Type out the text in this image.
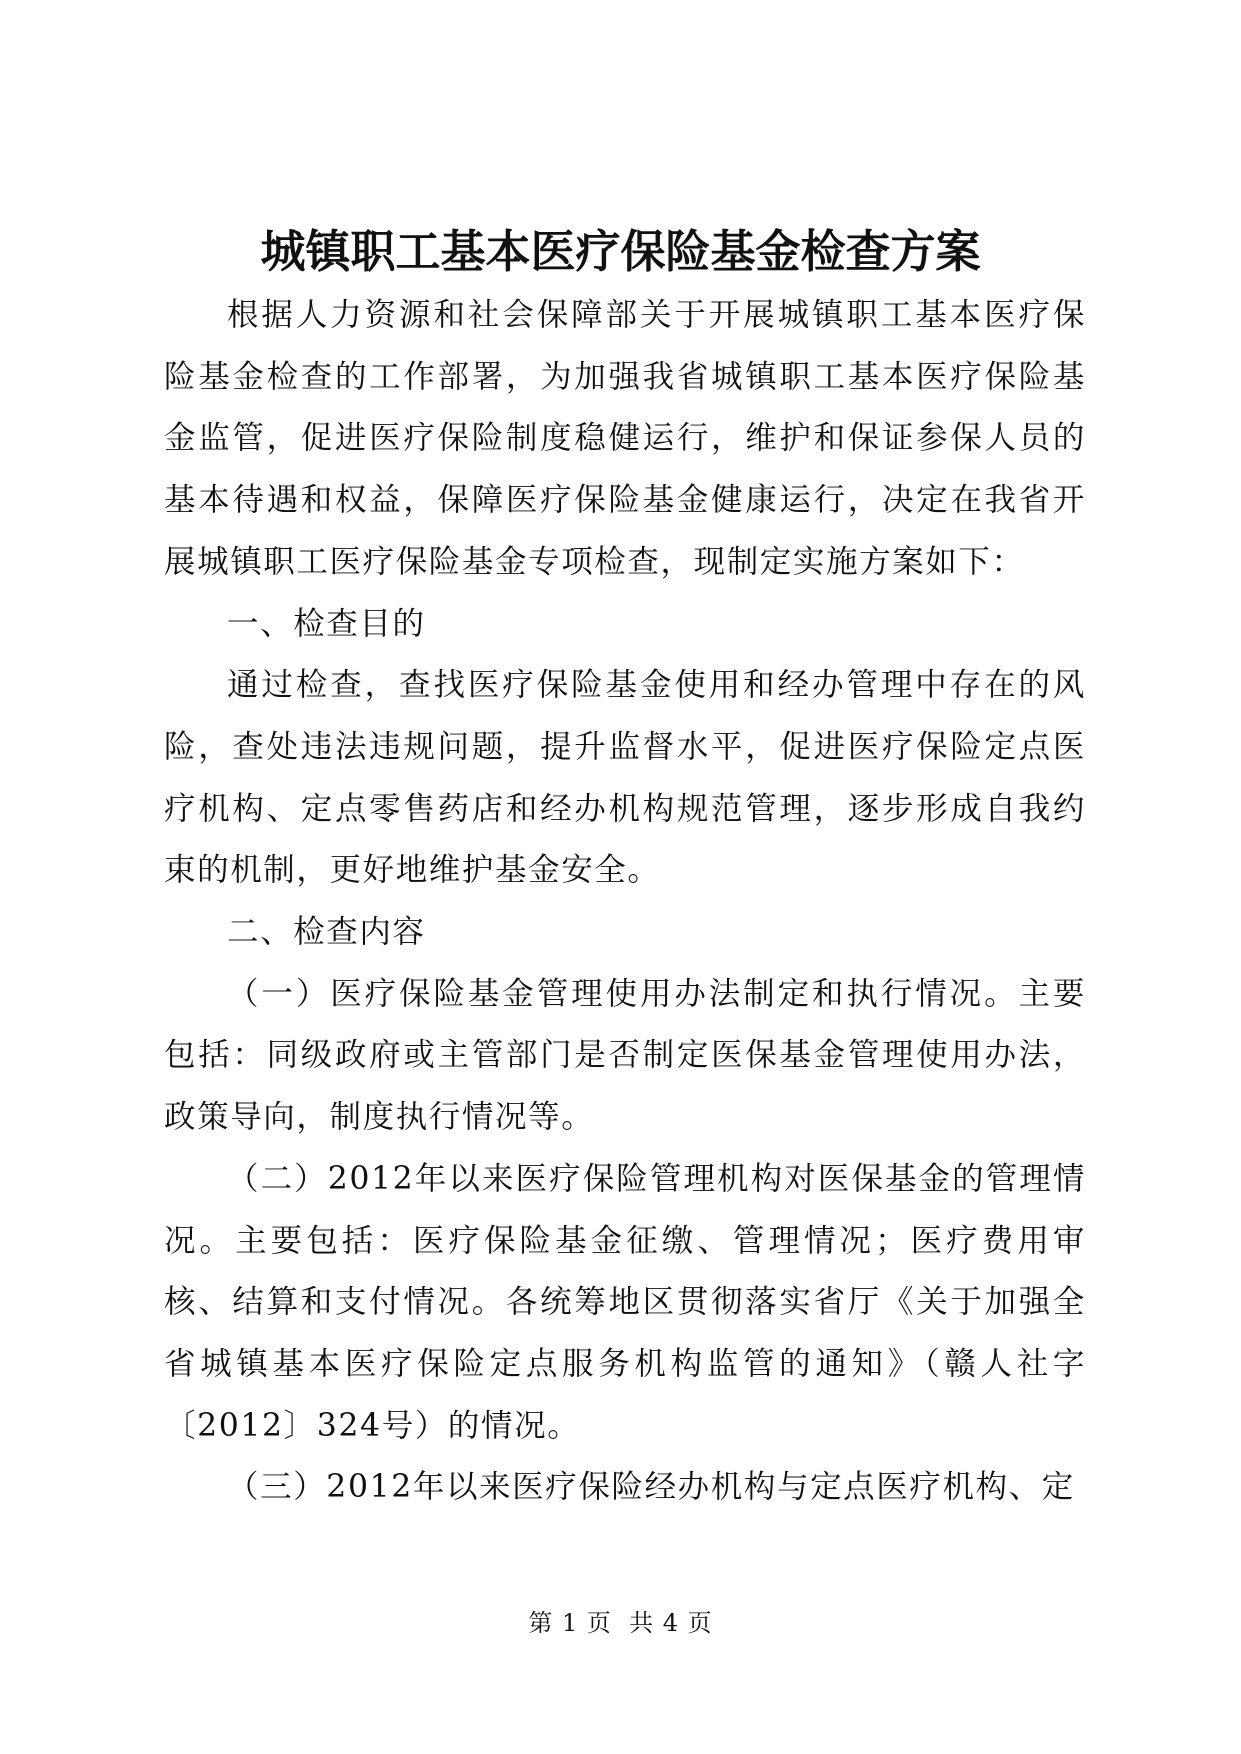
城镇职工基本医疗保险基金检查方案

根据人力资源和社会保障部关于开展城镇职工基本医疗保险基金检查的工作部署，为加强我省城镇职工基本医疗保险基金监管，促进医疗保险制度稳健运行，维护和保证参保人员的基本待遇和权益，保障医疗保险基金健康运行，决定在我省开展城镇职工医疗保险基金专项检查，现制定实施方案如下：

一、检查目的

通过检查，查找医疗保险基金使用和经办管理中存在的风险，查处违法违规问题，提升监督水平，促进医疗保险定点医疗机构、定点零售药店和经办机构规范管理，逐步形成自我约束的机制，更好地维护基金安全。

二、检查内容

（一）医疗保险基金管理使用办法制定和执行情况。主要包括：同级政府或主管部门是否制定医保基金管理使用办法，政策导向，制度执行情况等。

（二）2012年以来医疗保险管理机构对医保基金的管理情况。主要包括：医疗保险基金征缴、管理情况；医疗费用审核、结算和支付情况。各统筹地区贯彻落实省厅《关于加强全省城镇基本医疗保险定点服务机构监管的通知》（赣人社字〔2012〕324号）的情况。

（三）2012年以来医疗保险经办机构与定点医疗机构、定

第 1 页  共 4 页
